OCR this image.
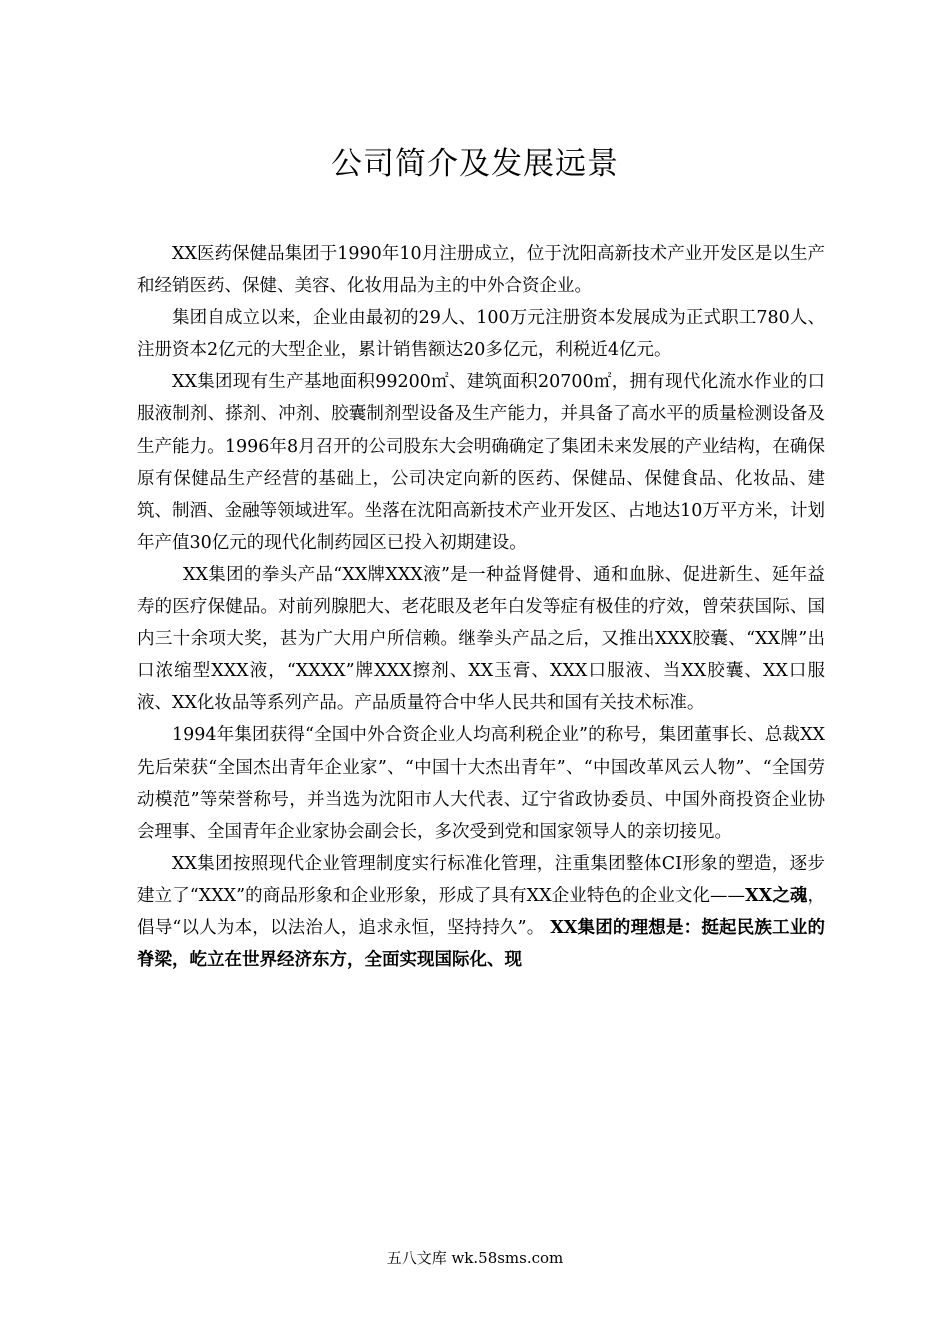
公司简介及发展远景

XX医药保健品集团于1990年10月注册成立，位于沈阳高新技术产业开发区是以生产和经销医药、保健、美容、化妆用品为主的中外合资企业。

集团自成立以来，企业由最初的29人、100万元注册资本发展成为正式职工780人、注册资本2亿元的大型企业，累计销售额达20多亿元，利税近4亿元。

XX集团现有生产基地面积99200㎡、建筑面积20700㎡，拥有现代化流水作业的口服液制剂、搽剂、冲剂、胶囊制剂型设备及生产能力，并具备了高水平的质量检测设备及生产能力。1996年8月召开的公司股东大会明确确定了集团未来发展的产业结构，在确保原有保健品生产经营的基础上，公司决定向新的医药、保健品、保健食品、化妆品、建筑、制酒、金融等领域进军。坐落在沈阳高新技术产业开发区、占地达10万平方米，计划年产值30亿元的现代化制药园区已投入初期建设。

XX集团的拳头产品“XX牌XXX液”是一种益肾健骨、通和血脉、促进新生、延年益寿的医疗保健品。对前列腺肥大、老花眼及老年白发等症有极佳的疗效，曾荣获国际、国内三十余项大奖，甚为广大用户所信赖。继拳头产品之后，又推出XXX胶囊、“XX牌”出口浓缩型XXX液，“XXXX”牌XXX擦剂、XX玉膏、XXX口服液、当XX胶囊、XX口服液、XX化妆品等系列产品。产品质量符合中华人民共和国有关技术标准。

1994年集团获得“全国中外合资企业人均高利税企业”的称号，集团董事长、总裁XX先后荣获“全国杰出青年企业家”、“中国十大杰出青年”、“中国改革风云人物”、“全国劳动模范”等荣誉称号，并当选为沈阳市人大代表、辽宁省政协委员、中国外商投资企业协会理事、全国青年企业家协会副会长，多次受到党和国家领导人的亲切接见。

XX集团按照现代企业管理制度实行标准化管理，注重集团整体CI形象的塑造，逐步建立了“XXX”的商品形象和企业形象，形成了具有XX企业特色的企业文化——XX之魂，倡导“以人为本，以法治人，追求永恒，坚持持久”。 XX集团的理想是：挺起民族工业的脊梁，屹立在世界经济东方，全面实现国际化、现

五八文库 wk.58sms.com
